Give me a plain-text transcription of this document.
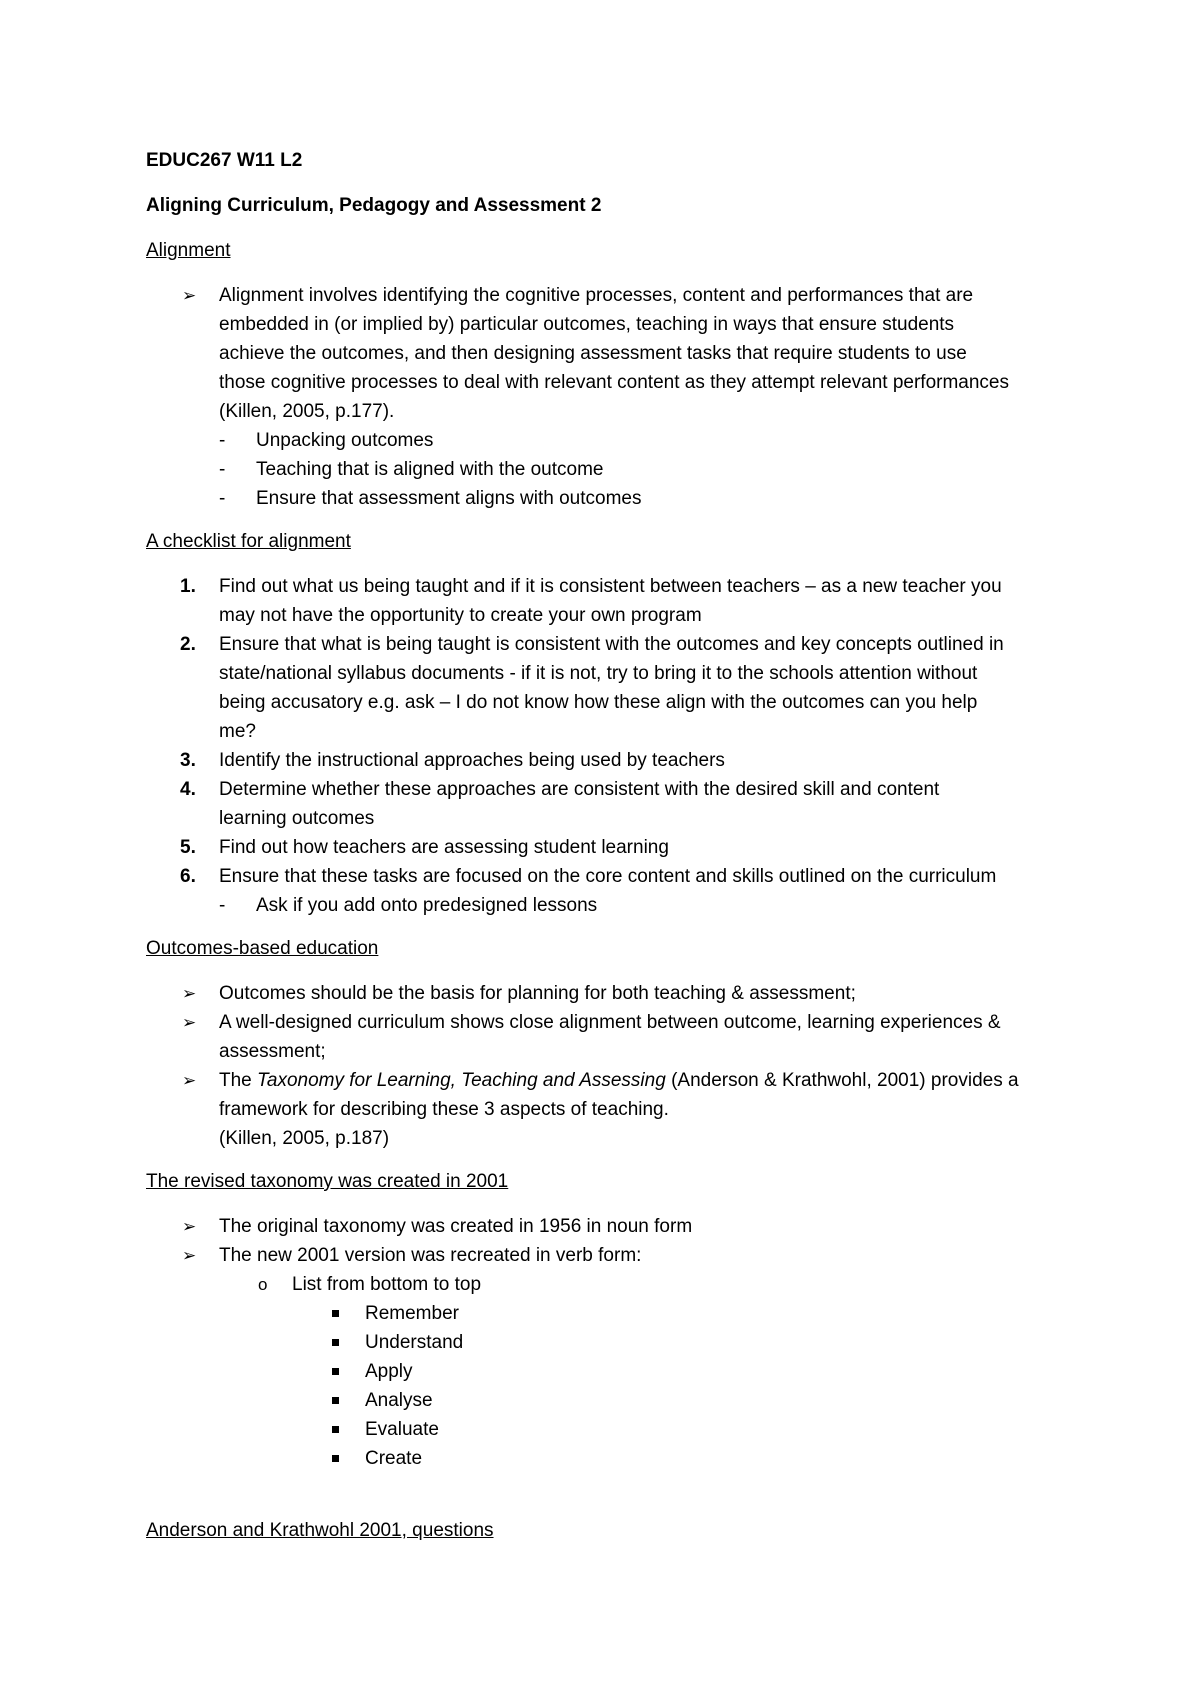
EDUC267 W11 L2
Aligning Curriculum, Pedagogy and Assessment 2
Alignment
➢	Alignment involves identifying the cognitive processes, content and performances that are embedded in (or implied by) particular outcomes, teaching in ways that ensure students achieve the outcomes, and then designing assessment tasks that require students to use those cognitive processes to deal with relevant content as they attempt relevant performances (Killen, 2005, p.177).
- Unpacking outcomes
- Teaching that is aligned with the outcome
- Ensure that assessment aligns with outcomes
A checklist for alignment
1.	Find out what us being taught and if it is consistent between teachers – as a new teacher you may not have the opportunity to create your own program
2.	Ensure that what is being taught is consistent with the outcomes and key concepts outlined in state/national syllabus documents - if it is not, try to bring it to the schools attention without being accusatory e.g. ask – I do not know how these align with the outcomes can you help me?
3.	Identify the instructional approaches being used by teachers
4.	Determine whether these approaches are consistent with the desired skill and content learning outcomes
5.	Find out how teachers are assessing student learning
6.	Ensure that these tasks are focused on the core content and skills outlined on the curriculum
- Ask if you add onto predesigned lessons
Outcomes-based education
➢	Outcomes should be the basis for planning for both teaching & assessment;
➢	A well-designed curriculum shows close alignment between outcome, learning experiences & assessment;
➢	The Taxonomy for Learning, Teaching and Assessing (Anderson & Krathwohl, 2001) provides a framework for describing these 3 aspects of teaching.
(Killen, 2005, p.187)
The revised taxonomy was created in 2001
➢	The original taxonomy was created in 1956 in noun form
➢	The new 2001 version was recreated in verb form:
o List from bottom to top
Remember
Understand
Apply
Analyse
Evaluate
Create
Anderson and Krathwohl 2001, questions
